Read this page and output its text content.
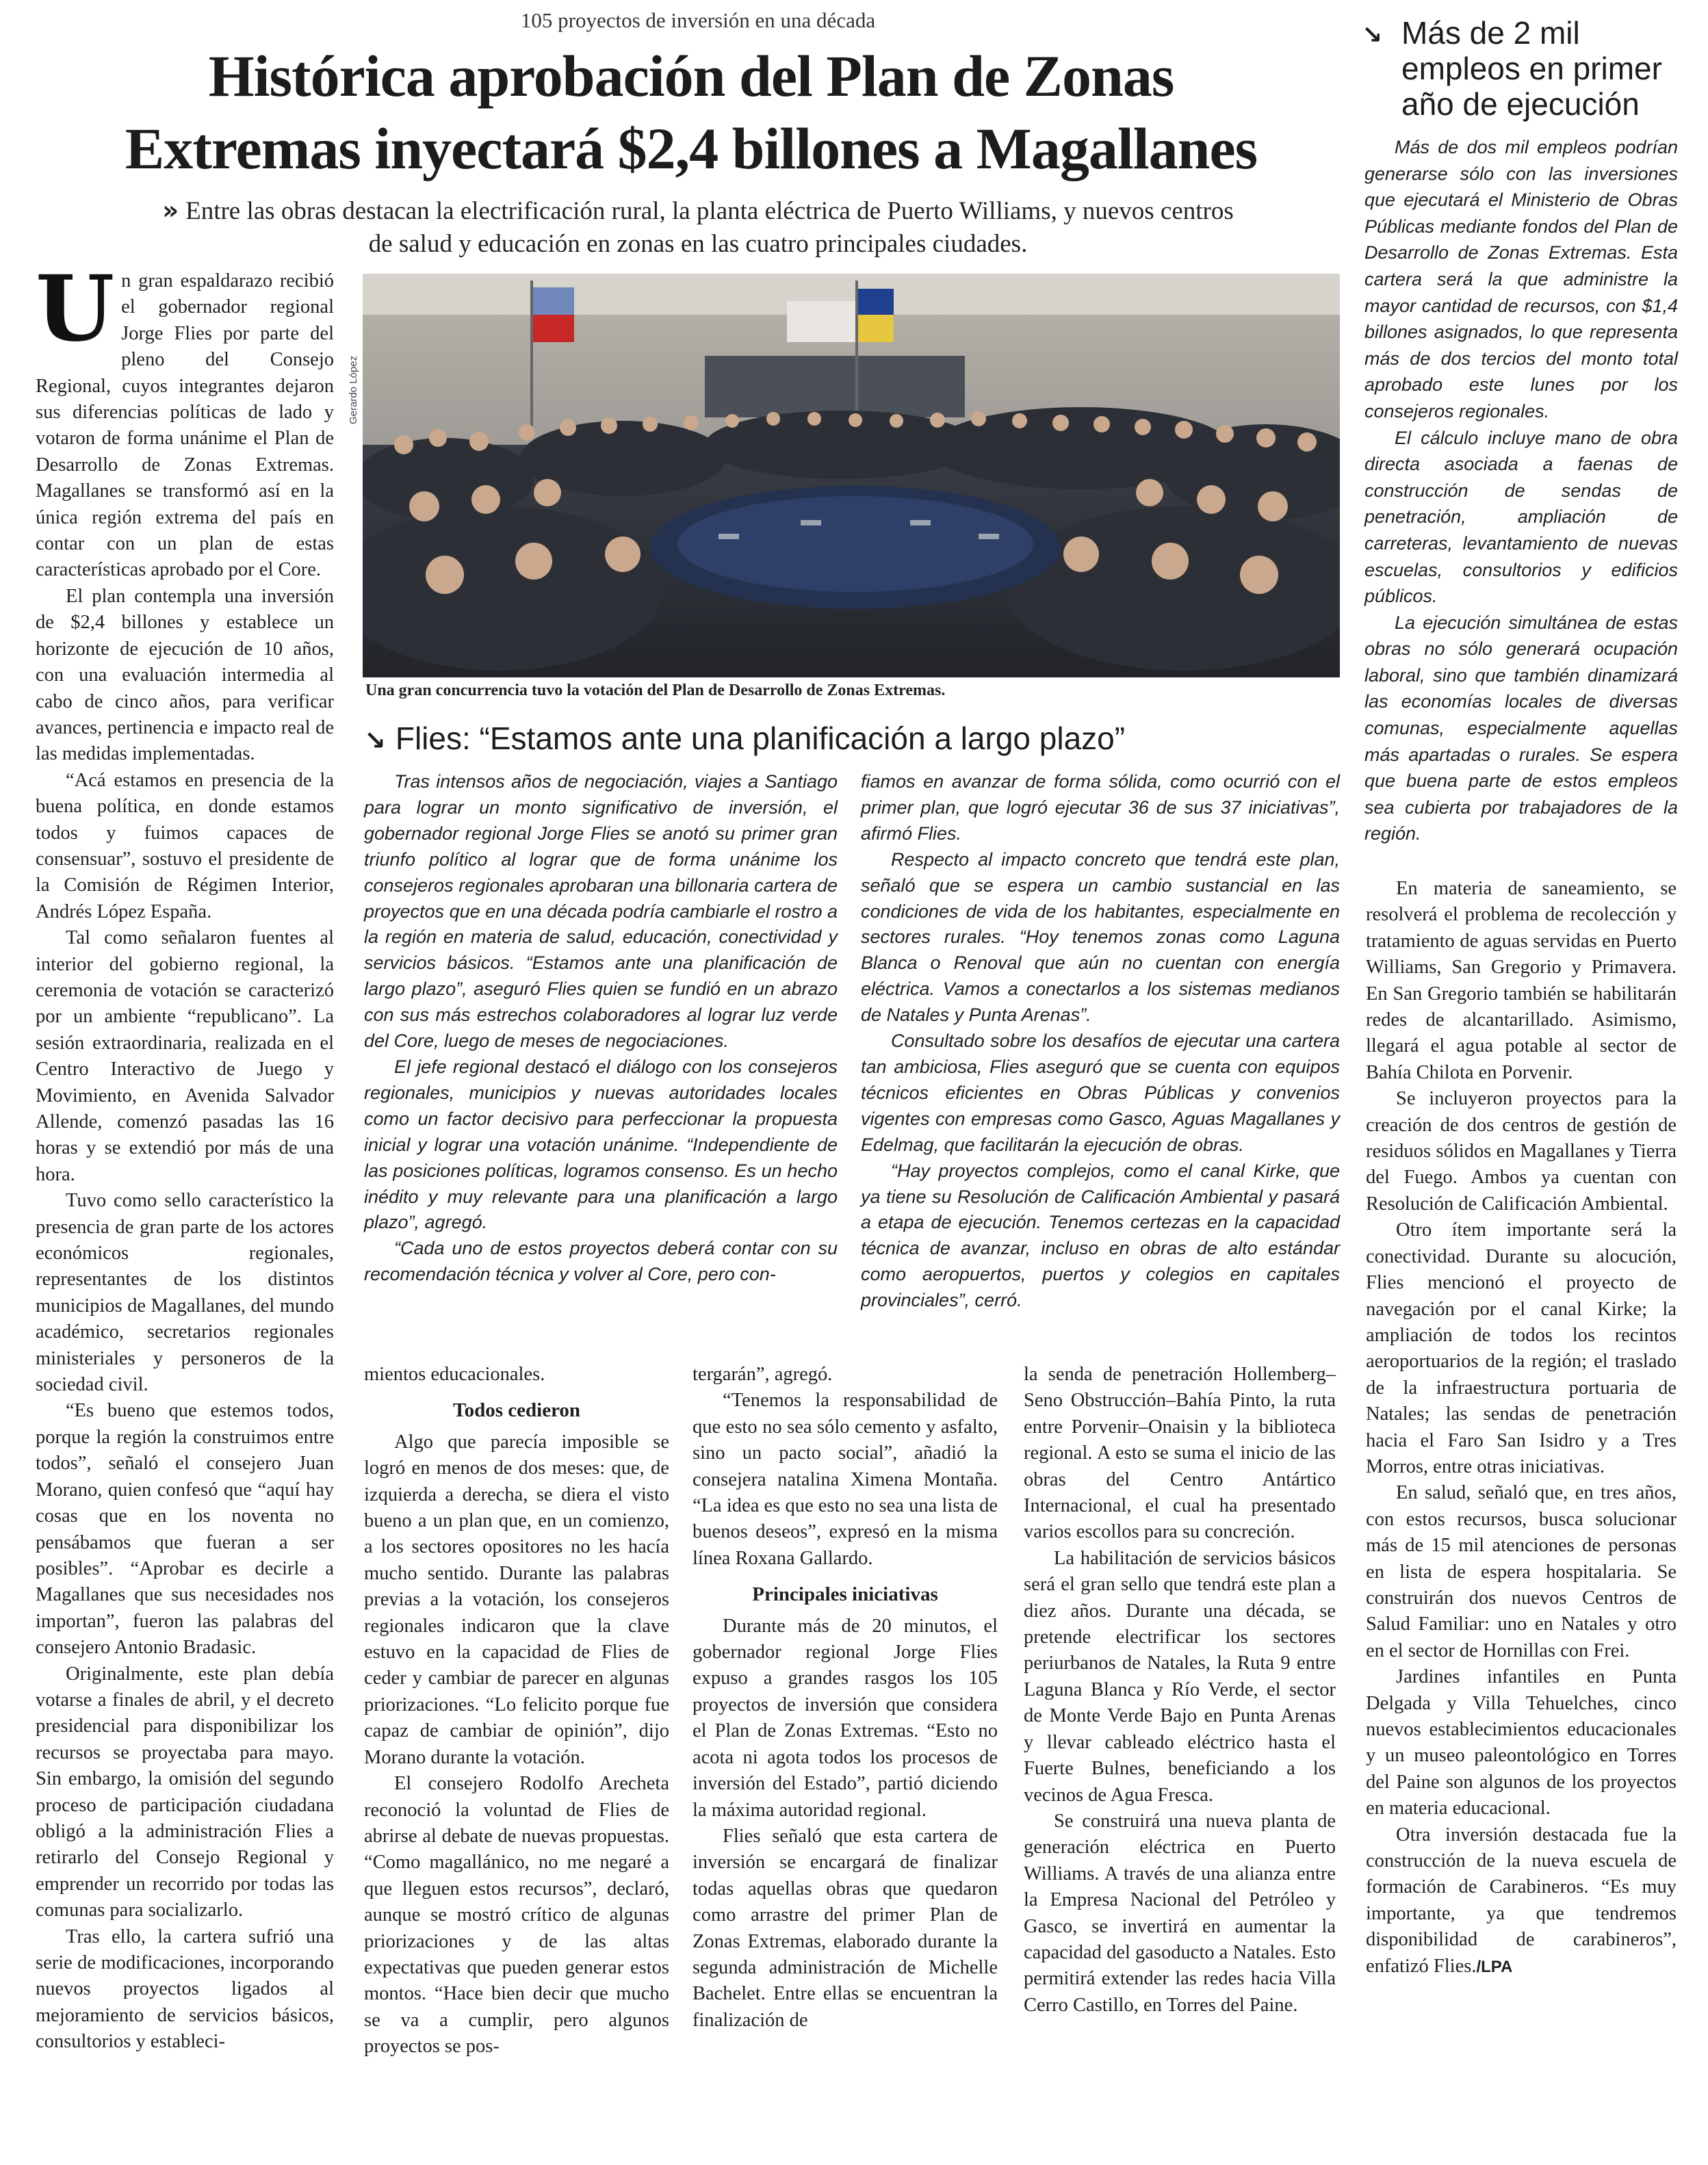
105 proyectos de inversión en una década
Histórica aprobación del Plan de Zonas
Extremas inyectará $2,4 billones a Magallanes
» Entre las obras destacan la electrificación rural, la planta eléctrica de Puerto Williams, y nuevos centros de salud y educación en zonas en las cuatro principales ciudades.

Un gran espaldarazo recibió el gobernador regional Jorge Flies por parte del pleno del Consejo Regional, cuyos integrantes dejaron sus diferencias políticas de lado y votaron de forma unánime el Plan de Desarrollo de Zonas Extremas. Magallanes se transformó así en la única región extrema del país en contar con un plan de estas características aprobado por el Core.

El plan contempla una inversión de $2,4 billones y establece un horizonte de ejecución de 10 años, con una evaluación intermedia al cabo de cinco años, para verificar avances, pertinencia e impacto real de las medidas implementadas.

“Acá estamos en presencia de la buena política, en donde estamos todos y fuimos capaces de consensuar”, sostuvo el presidente de la Comisión de Régimen Interior, Andrés López España.

Tal como señalaron fuentes al interior del gobierno regional, la ceremonia de votación se caracterizó por un ambiente “republicano”. La sesión extraordinaria, realizada en el Centro Interactivo de Juego y Movimiento, en Avenida Salvador Allende, comenzó pasadas las 16 horas y se extendió por más de una hora.

Tuvo como sello característico la presencia de gran parte de los actores económicos regionales, representantes de los distintos municipios de Magallanes, del mundo académico, secretarios regionales ministeriales y personeros de la sociedad civil.

“Es bueno que estemos todos, porque la región la construimos entre todos”, señaló el consejero Juan Morano, quien confesó que “aquí hay cosas que en los noventa no pensábamos que fueran a ser posibles”. “Aprobar es decirle a Magallanes que sus necesidades nos importan”, fueron las palabras del consejero Antonio Bradasic.

Originalmente, este plan debía votarse a finales de abril, y el decreto presidencial para disponibilizar los recursos se proyectaba para mayo. Sin embargo, la omisión del segundo proceso de participación ciudadana obligó a la administración Flies a retirarlo del Consejo Regional y emprender un recorrido por todas las comunas para socializarlo.

Tras ello, la cartera sufrió una serie de modificaciones, incorporando nuevos proyectos ligados al mejoramiento de servicios básicos, consultorios y estableci-

Gerardo López
Una gran concurrencia tuvo la votación del Plan de Desarrollo de Zonas Extremas.
↘ Flies: “Estamos ante una planificación a largo plazo”

Tras intensos años de negociación, viajes a Santiago para lograr un monto significativo de inversión, el gobernador regional Jorge Flies se anotó su primer gran triunfo político al lograr que de forma unánime los consejeros regionales aprobaran una billonaria cartera de proyectos que en una década podría cambiarle el rostro a la región en materia de salud, educación, conectividad y servicios básicos. “Estamos ante una planificación de largo plazo”, aseguró Flies quien se fundió en un abrazo con sus más estrechos colaboradores al lograr luz verde del Core, luego de meses de negociaciones.

El jefe regional destacó el diálogo con los consejeros regionales, municipios y nuevas autoridades locales como un factor decisivo para perfeccionar la propuesta inicial y lograr una votación unánime. “Independiente de las posiciones políticas, logramos consenso. Es un hecho inédito y muy relevante para una planificación a largo plazo”, agregó.

“Cada uno de estos proyectos deberá contar con su recomendación técnica y volver al Core, pero con-

fiamos en avanzar de forma sólida, como ocurrió con el primer plan, que logró ejecutar 36 de sus 37 iniciativas”, afirmó Flies.

Respecto al impacto concreto que tendrá este plan, señaló que se espera un cambio sustancial en las condiciones de vida de los habitantes, especialmente en sectores rurales. “Hoy tenemos zonas como Laguna Blanca o Renoval que aún no cuentan con energía eléctrica. Vamos a conectarlos a los sistemas medianos de Natales y Punta Arenas”.

Consultado sobre los desafíos de ejecutar una cartera tan ambiciosa, Flies aseguró que se cuenta con equipos técnicos eficientes en Obras Públicas y convenios vigentes con empresas como Gasco, Aguas Magallanes y Edelmag, que facilitarán la ejecución de obras.

“Hay proyectos complejos, como el canal Kirke, que ya tiene su Resolución de Calificación Ambiental y pasará a etapa de ejecución. Tenemos certezas en la capacidad técnica de avanzar, incluso en obras de alto estándar como aeropuertos, puertos y colegios en capitales provinciales”, cerró.

mientos educacionales.

Todos cedieron

Algo que parecía imposible se logró en menos de dos meses: que, de izquierda a derecha, se diera el visto bueno a un plan que, en un comienzo, a los sectores opositores no les hacía mucho sentido. Durante las palabras previas a la votación, los consejeros regionales indicaron que la clave estuvo en la capacidad de Flies de ceder y cambiar de parecer en algunas priorizaciones. “Lo felicito porque fue capaz de cambiar de opinión”, dijo Morano durante la votación.

El consejero Rodolfo Arecheta reconoció la voluntad de Flies de abrirse al debate de nuevas propuestas. “Como magallánico, no me negaré a que lleguen estos recursos”, declaró, aunque se mostró crítico de algunas priorizaciones y de las altas expectativas que pueden generar estos montos. “Hace bien decir que mucho se va a cumplir, pero algunos proyectos se pos-

tergarán”, agregó.

“Tenemos la responsabilidad de que esto no sea sólo cemento y asfalto, sino un pacto social”, añadió la consejera natalina Ximena Montaña. “La idea es que esto no sea una lista de buenos deseos”, expresó en la misma línea Roxana Gallardo.

Principales iniciativas

Durante más de 20 minutos, el gobernador regional Jorge Flies expuso a grandes rasgos los 105 proyectos de inversión que considera el Plan de Zonas Extremas. “Esto no acota ni agota todos los procesos de inversión del Estado”, partió diciendo la máxima autoridad regional.

Flies señaló que esta cartera de inversión se encargará de finalizar todas aquellas obras que quedaron como arrastre del primer Plan de Zonas Extremas, elaborado durante la segunda administración de Michelle Bachelet. Entre ellas se encuentran la finalización de

la senda de penetración Hollemberg–Seno Obstrucción–Bahía Pinto, la ruta entre Porvenir–Onaisin y la biblioteca regional. A esto se suma el inicio de las obras del Centro Antártico Internacional, el cual ha presentado varios escollos para su concreción.

La habilitación de servicios básicos será el gran sello que tendrá este plan a diez años. Durante una década, se pretende electrificar los sectores periurbanos de Natales, la Ruta 9 entre Laguna Blanca y Río Verde, el sector de Monte Verde Bajo en Punta Arenas y llevar cableado eléctrico hasta el Fuerte Bulnes, beneficiando a los vecinos de Agua Fresca.

Se construirá una nueva planta de generación eléctrica en Puerto Williams. A través de una alianza entre la Empresa Nacional del Petróleo y Gasco, se invertirá en aumentar la capacidad del gasoducto a Natales. Esto permitirá extender las redes hacia Villa Cerro Castillo, en Torres del Paine.

↘ Más de 2 mil empleos en primer año de ejecución

Más de dos mil empleos podrían generarse sólo con las inversiones que ejecutará el Ministerio de Obras Públicas mediante fondos del Plan de Desarrollo de Zonas Extremas. Esta cartera será la que administre la mayor cantidad de recursos, con $1,4 billones asignados, lo que representa más de dos tercios del monto total aprobado este lunes por los consejeros regionales.

El cálculo incluye mano de obra directa asociada a faenas de construcción de sendas de penetración, ampliación de carreteras, levantamiento de nuevas escuelas, consultorios y edificios públicos.

La ejecución simultánea de estas obras no sólo generará ocupación laboral, sino que también dinamizará las economías locales de diversas comunas, especialmente aquellas más apartadas o rurales. Se espera que buena parte de estos empleos sea cubierta por trabajadores de la región.

En materia de saneamiento, se resolverá el problema de recolección y tratamiento de aguas servidas en Puerto Williams, San Gregorio y Primavera. En San Gregorio también se habilitarán redes de alcantarillado. Asimismo, llegará el agua potable al sector de Bahía Chilota en Porvenir.

Se incluyeron proyectos para la creación de dos centros de gestión de residuos sólidos en Magallanes y Tierra del Fuego. Ambos ya cuentan con Resolución de Calificación Ambiental.

Otro ítem importante será la conectividad. Durante su alocución, Flies mencionó el proyecto de navegación por el canal Kirke; la ampliación de todos los recintos aeroportuarios de la región; el traslado de la infraestructura portuaria de Natales; las sendas de penetración hacia el Faro San Isidro y a Tres Morros, entre otras iniciativas.

En salud, señaló que, en tres años, con estos recursos, busca solucionar más de 15 mil atenciones de personas en lista de espera hospitalaria. Se construirán dos nuevos Centros de Salud Familiar: uno en Natales y otro en el sector de Hornillas con Frei.

Jardines infantiles en Punta Delgada y Villa Tehuelches, cinco nuevos establecimientos educacionales y un museo paleontológico en Torres del Paine son algunos de los proyectos en materia educacional.

Otra inversión destacada fue la construcción de la nueva escuela de formación de Carabineros. “Es muy importante, ya que tendremos disponibilidad de carabineros”, enfatizó Flies./LPA
